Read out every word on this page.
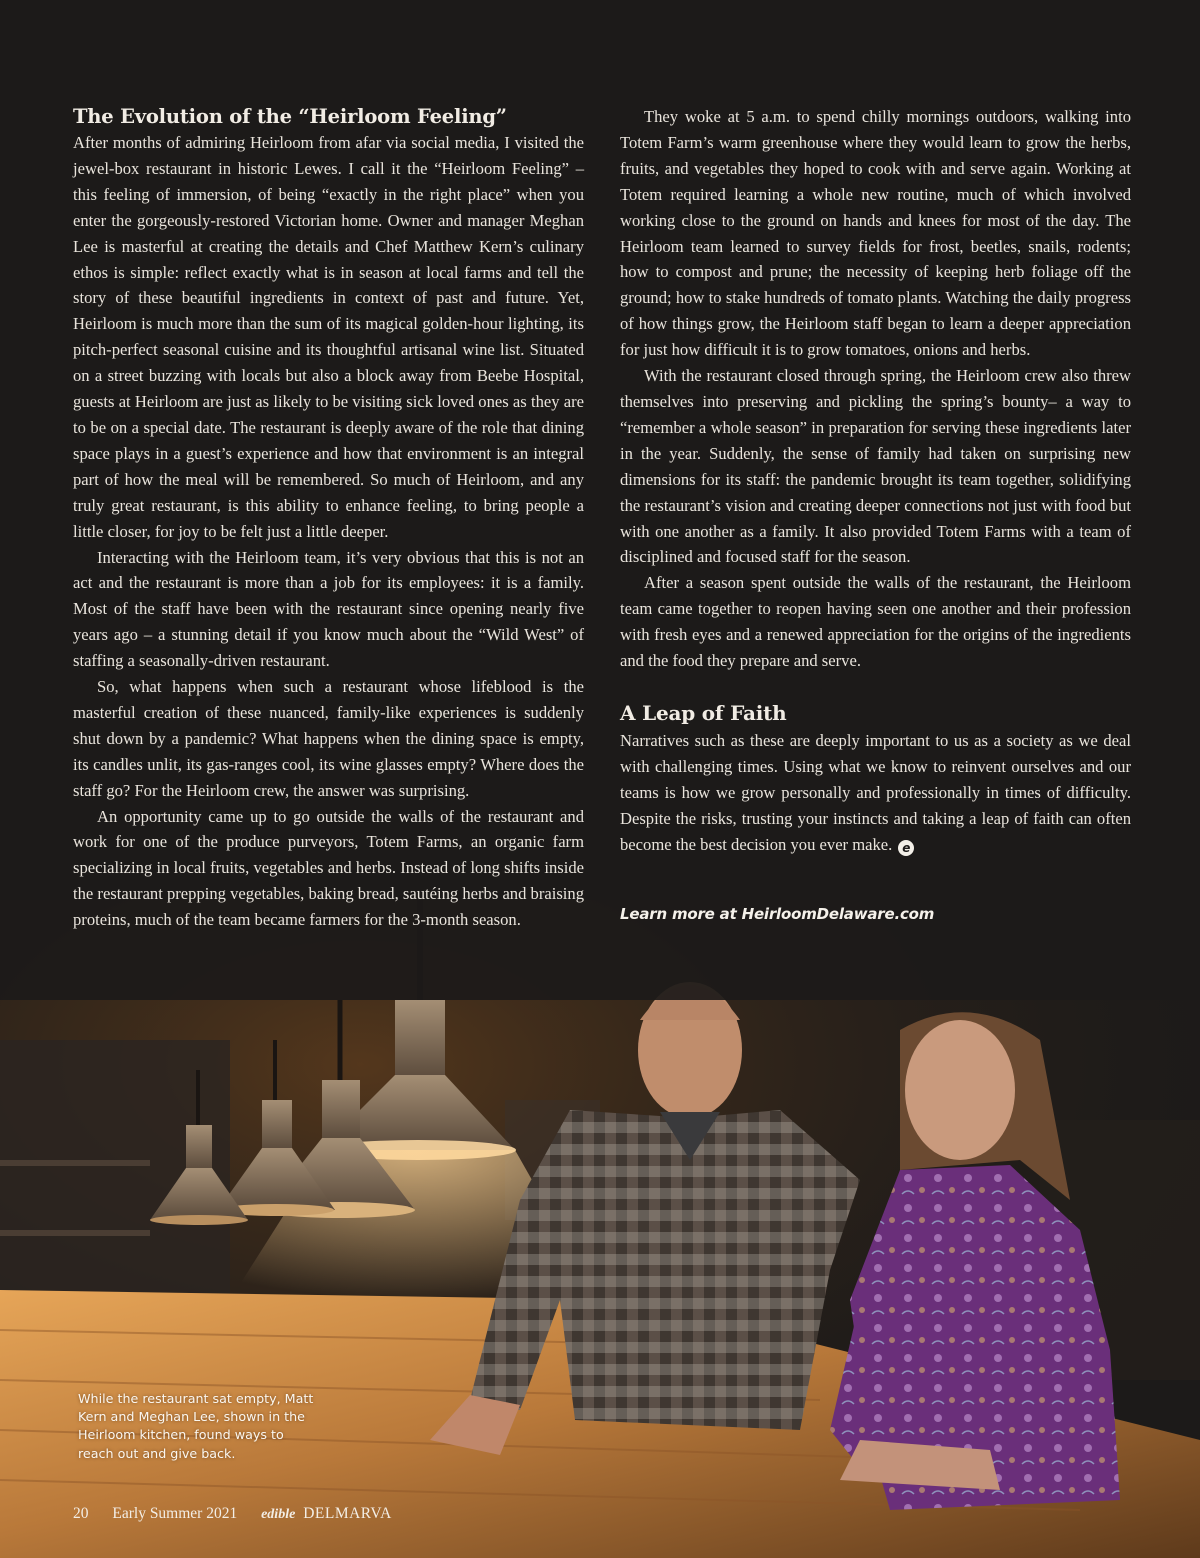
The Evolution of the “Heirloom Feeling”

After months of admiring Heirloom from afar via social media, I visited the jewel-box restaurant in historic Lewes. I call it the “Heirloom Feeling” – this feeling of immersion, of being “exactly in the right place” when you enter the gorgeously-restored Victorian home. Owner and manager Meghan Lee is masterful at creating the details and Chef Matthew Kern’s culinary ethos is simple: reflect exactly what is in season at local farms and tell the story of these beautiful ingredients in context of past and future. Yet, Heirloom is much more than the sum of its magical golden-hour lighting, its pitch-perfect seasonal cuisine and its thoughtful artisanal wine list. Situated on a street buzzing with locals but also a block away from Beebe Hospital, guests at Heirloom are just as likely to be visiting sick loved ones as they are to be on a special date. The restaurant is deeply aware of the role that dining space plays in a guest’s experience and how that environment is an integral part of how the meal will be remembered. So much of Heirloom, and any truly great restaurant, is this ability to enhance feeling, to bring people a little closer, for joy to be felt just a little deeper.

Interacting with the Heirloom team, it’s very obvious that this is not an act and the restaurant is more than a job for its employees: it is a family. Most of the staff have been with the restaurant since opening nearly five years ago – a stunning detail if you know much about the “Wild West” of staffing a seasonally-driven restaurant.

So, what happens when such a restaurant whose lifeblood is the masterful creation of these nuanced, family-like experiences is suddenly shut down by a pandemic? What happens when the dining space is empty, its candles unlit, its gas-ranges cool, its wine glasses empty? Where does the staff go? For the Heirloom crew, the answer was surprising.

An opportunity came up to go outside the walls of the restaurant and work for one of the produce purveyors, Totem Farms, an organic farm specializing in local fruits, vegetables and herbs. Instead of long shifts inside the restaurant prepping vegetables, baking bread, sautéing herbs and braising proteins, much of the team became farmers for the 3-month season.

They woke at 5 a.m. to spend chilly mornings outdoors, walking into Totem Farm’s warm greenhouse where they would learn to grow the herbs, fruits, and vegetables they hoped to cook with and serve again. Working at Totem required learning a whole new routine, much of which involved working close to the ground on hands and knees for most of the day. The Heirloom team learned to survey fields for frost, beetles, snails, rodents; how to compost and prune; the necessity of keeping herb foliage off the ground; how to stake hundreds of tomato plants. Watching the daily progress of how things grow, the Heirloom staff began to learn a deeper appreciation for just how difficult it is to grow tomatoes, onions and herbs.

With the restaurant closed through spring, the Heirloom crew also threw themselves into preserving and pickling the spring’s bounty– a way to “remember a whole season” in preparation for serving these ingredients later in the year. Suddenly, the sense of family had taken on surprising new dimensions for its staff: the pandemic brought its team together, solidifying the restaurant’s vision and creating deeper connections not just with food but with one another as a family. It also provided Totem Farms with a team of disciplined and focused staff for the season.

After a season spent outside the walls of the restaurant, the Heirloom team came together to reopen having seen one another and their profession with fresh eyes and a renewed appreciation for the origins of the ingredients and the food they prepare and serve.

A Leap of Faith

Narratives such as these are deeply important to us as a society as we deal with challenging times. Using what we know to reinvent ourselves and our teams is how we grow personally and professionally in times of difficulty. Despite the risks, trusting your instincts and taking a leap of faith can often become the best decision you ever make. e

Learn more at HeirloomDelaware.com
While the restaurant sat empty, Matt Kern and Meghan Lee, shown in the Heirloom kitchen, found ways to reach out and give back.
20 Early Summer 2021 edible DELMARVA
